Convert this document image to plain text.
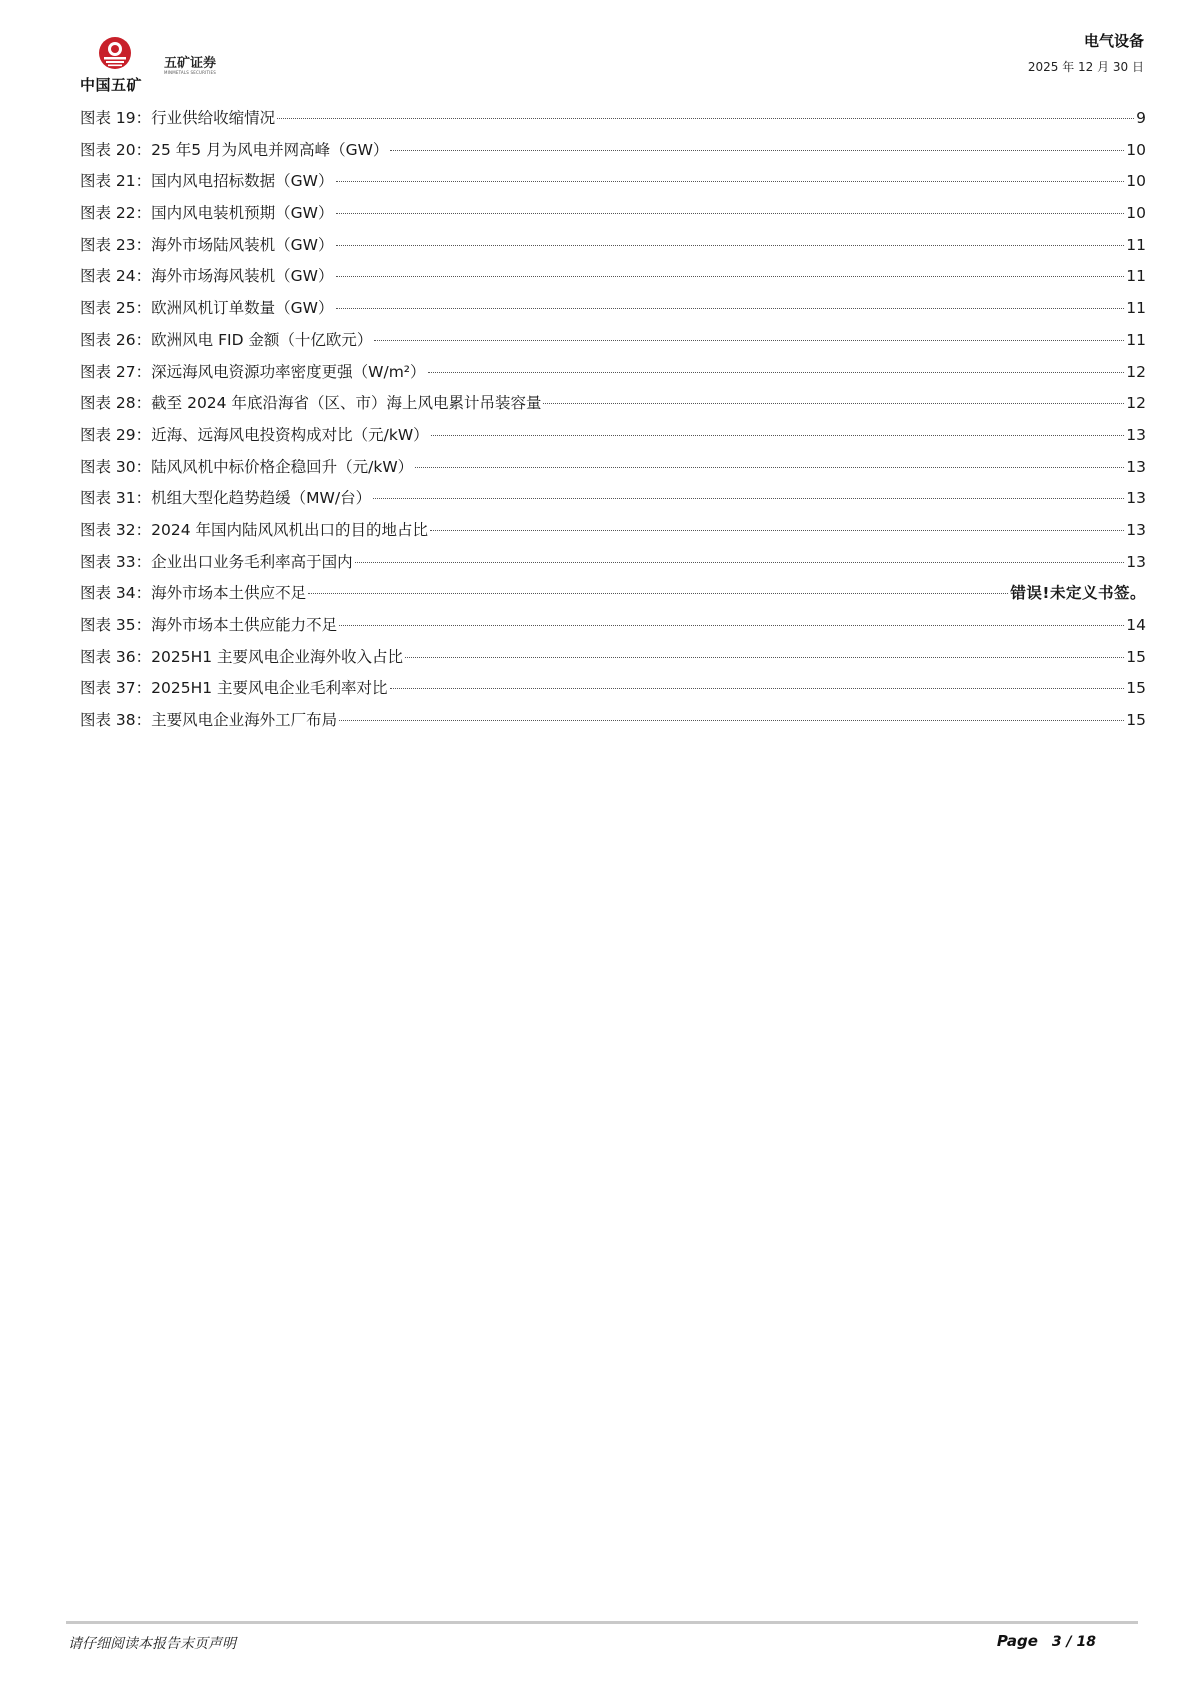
中国五矿
五矿证券
MINMETALS SECURITIES
电气设备
2025 年 12 月 30 日
图表 19： 行业供给收缩情况	9
图表 20： 25 年5 月为风电并网高峰（GW）	10
图表 21： 国内风电招标数据（GW）	10
图表 22： 国内风电装机预期（GW）	10
图表 23： 海外市场陆风装机（GW）	11
图表 24： 海外市场海风装机（GW）	11
图表 25： 欧洲风机订单数量（GW）	11
图表 26： 欧洲风电 FID 金额（十亿欧元）	11
图表 27： 深远海风电资源功率密度更强（W/m²）	12
图表 28： 截至 2024 年底沿海省（区、市）海上风电累计吊装容量	12
图表 29： 近海、远海风电投资构成对比（元/kW）	13
图表 30： 陆风风机中标价格企稳回升（元/kW）	13
图表 31： 机组大型化趋势趋缓（MW/台）	13
图表 32： 2024 年国内陆风风机出口的目的地占比	13
图表 33： 企业出口业务毛利率高于国内	13
图表 34： 海外市场本土供应不足	错误!未定义书签。
图表 35： 海外市场本土供应能力不足	14
图表 36： 2025H1 主要风电企业海外收入占比	15
图表 37： 2025H1 主要风电企业毛利率对比	15
图表 38： 主要风电企业海外工厂布局	15
请仔细阅读本报告末页声明	Page 3 / 18
